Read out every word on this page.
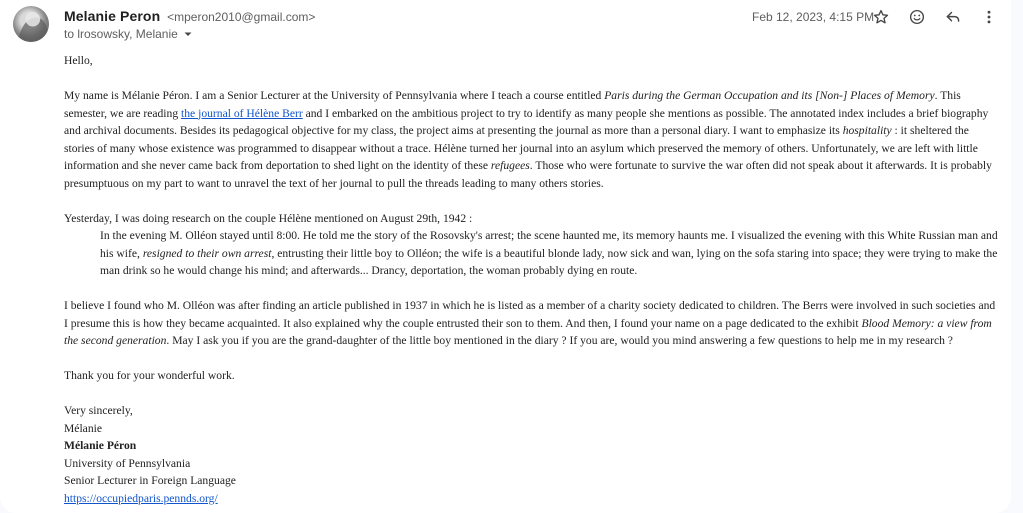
Melanie Peron <mperon2010@gmail.com>
to lrosowsky, Melanie
Feb 12, 2023, 4:15 PM

Hello,

My name is Mélanie Péron. I am a Senior Lecturer at the University of Pennsylvania where I teach a course entitled Paris during the German Occupation and its [Non-] Places of Memory. This semester, we are reading the journal of Hélène Berr and I embarked on the ambitious project to try to identify as many people she mentions as possible. The annotated index includes a brief biography and archival documents. Besides its pedagogical objective for my class, the project aims at presenting the journal as more than a personal diary. I want to emphasize its hospitality : it sheltered the stories of many whose existence was programmed to disappear without a trace. Hélène turned her journal into an asylum which preserved the memory of others. Unfortunately, we are left with little information and she never came back from deportation to shed light on the identity of these refugees. Those who were fortunate to survive the war often did not speak about it afterwards. It is probably presumptuous on my part to want to unravel the text of her journal to pull the threads leading to many others stories.

Yesterday, I was doing research on the couple Hélène mentioned on August 29th, 1942 :

In the evening M. Olléon stayed until 8:00. He told me the story of the Rosovsky's arrest; the scene haunted me, its memory haunts me. I visualized the evening with this White Russian man and his wife, resigned to their own arrest, entrusting their little boy to Olléon; the wife is a beautiful blonde lady, now sick and wan, lying on the sofa staring into space; they were trying to make the man drink so he would change his mind; and afterwards... Drancy, deportation, the woman probably dying en route.

I believe I found who M. Olléon was after finding an article published in 1937 in which he is listed as a member of a charity society dedicated to children. The Berrs were involved in such societies and I presume this is how they became acquainted. It also explained why the couple entrusted their son to them. And then, I found your name on a page dedicated to the exhibit Blood Memory: a view from the second generation. May I ask you if you are the grand-daughter of the little boy mentioned in the diary ? If you are, would you mind answering a few questions to help me in my research ?

Thank you for your wonderful work.

Very sincerely,

Mélanie

Mélanie Péron

University of Pennsylvania

Senior Lecturer in Foreign Language

https://occupiedparis.pennds.org/
